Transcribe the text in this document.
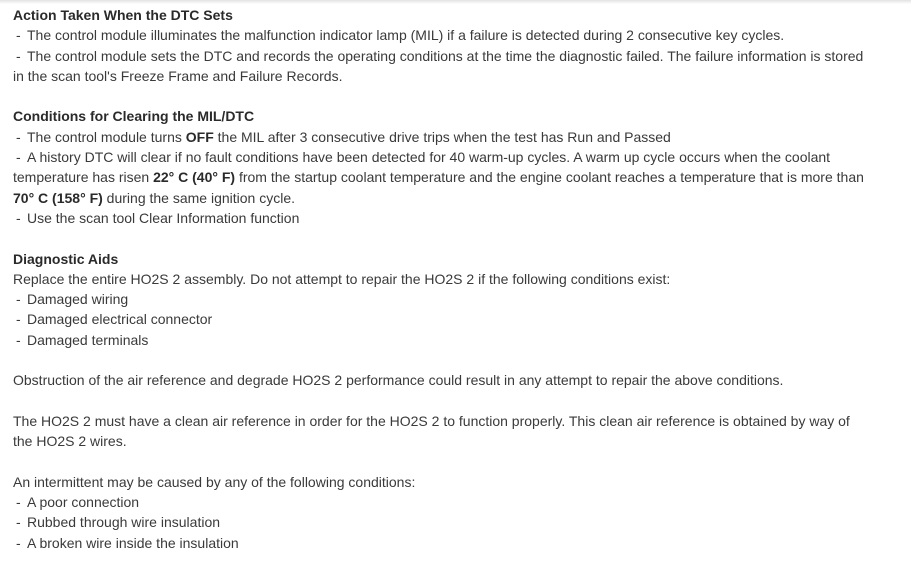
Action Taken When the DTC Sets
- The control module illuminates the malfunction indicator lamp (MIL) if a failure is detected during 2 consecutive key cycles.
- The control module sets the DTC and records the operating conditions at the time the diagnostic failed. The failure information is stored in the scan tool's Freeze Frame and Failure Records.
Conditions for Clearing the MIL/DTC
- The control module turns OFF the MIL after 3 consecutive drive trips when the test has Run and Passed
- A history DTC will clear if no fault conditions have been detected for 40 warm-up cycles. A warm up cycle occurs when the coolant temperature has risen 22° C (40° F) from the startup coolant temperature and the engine coolant reaches a temperature that is more than 70° C (158° F) during the same ignition cycle.
- Use the scan tool Clear Information function
Diagnostic Aids
Replace the entire HO2S 2 assembly. Do not attempt to repair the HO2S 2 if the following conditions exist:
- Damaged wiring
- Damaged electrical connector
- Damaged terminals
Obstruction of the air reference and degrade HO2S 2 performance could result in any attempt to repair the above conditions.
The HO2S 2 must have a clean air reference in order for the HO2S 2 to function properly. This clean air reference is obtained by way of the HO2S 2 wires.
An intermittent may be caused by any of the following conditions:
- A poor connection
- Rubbed through wire insulation
- A broken wire inside the insulation
